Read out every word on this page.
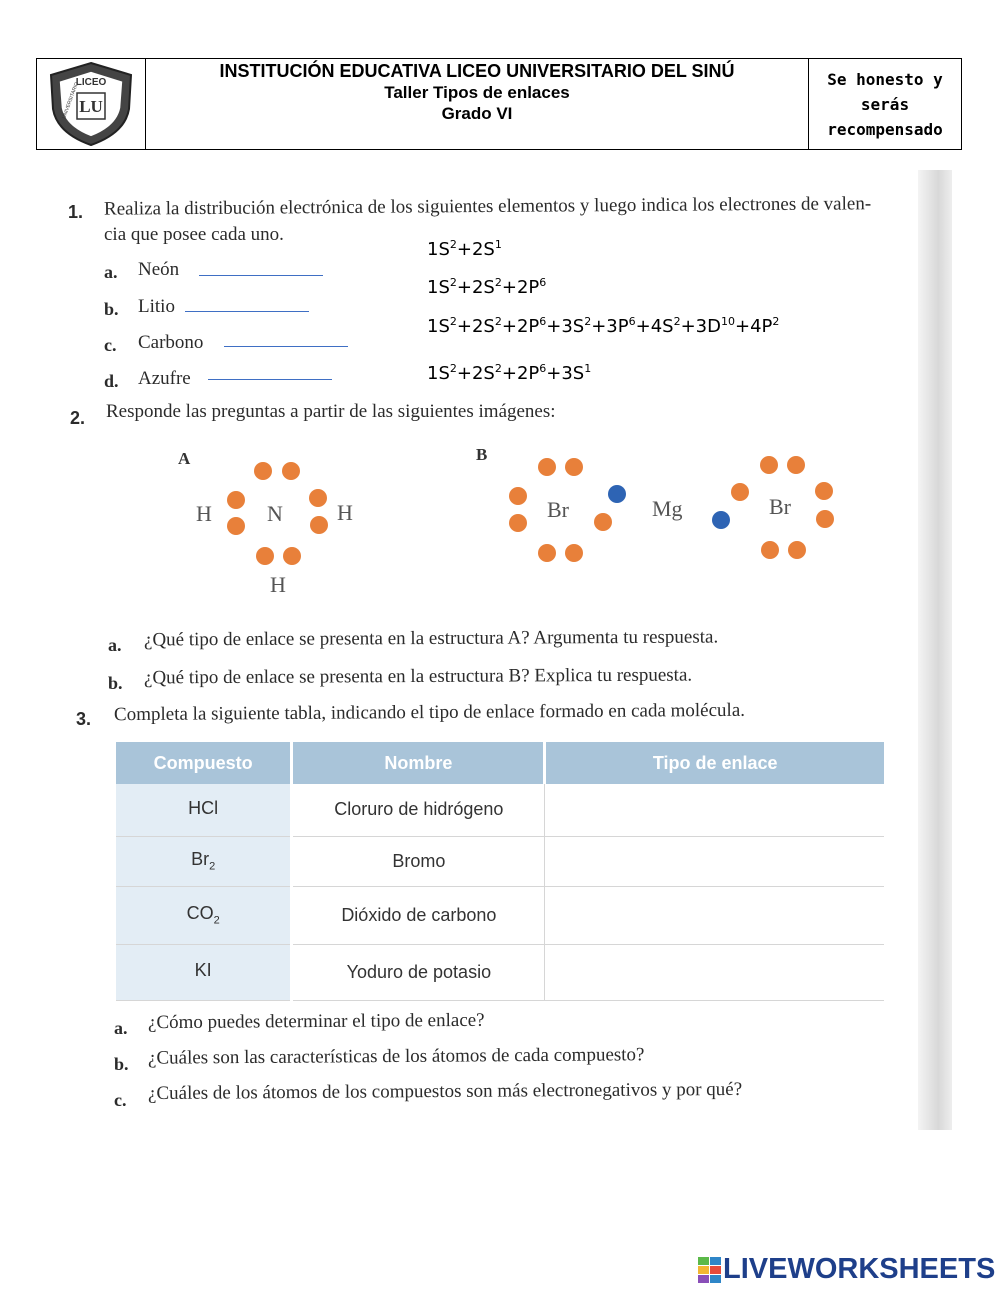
LICEO
UNIVERSITARIO LU
INSTITUCIÓN EDUCATIVA LICEO UNIVERSITARIO DEL SINÚ
Taller Tipos de enlaces
Grado VI
Se honesto y
serás
recompensado
1. Realiza la distribución electrónica de los siguientes elementos y luego indica los electrones de valen-
cia que posee cada uno.
a. Neón
b. Litio
c. Carbono
d. Azufre
$1S^2+2S^1$
$1S^2+2S^2+2P^6$
$1S^2+2S^2+2P^6+3S^2+3P^6+4S^2+3D^{10}+4P^2$
$1S^2+2S^2+2P^6+3S^1$
2. Responde las preguntas a partir de las siguientes imágenes:
A	B
H	N H
H
Br	Mg	Br
a. ¿Qué tipo de enlace se presenta en la estructura A? Argumenta tu respuesta.
b. ¿Qué tipo de enlace se presenta en la estructura B? Explica tu respuesta.
3. Completa la siguiente tabla, indicando el tipo de enlace formado en cada molécula.
Compuesto	Nombre	Tipo de enlace
HCl	Cloruro de hidrógeno	
$Br_2$	Bromo	
$CO_2$	Dióxido de carbono	
KI	Yoduro de potasio	
a. ¿Cómo puedes determinar el tipo de enlace?
b. ¿Cuáles son las características de los átomos de cada compuesto?
c. ¿Cuáles de los átomos de los compuestos son más electronegativos y por qué?
LIVEWORKSHEETS
